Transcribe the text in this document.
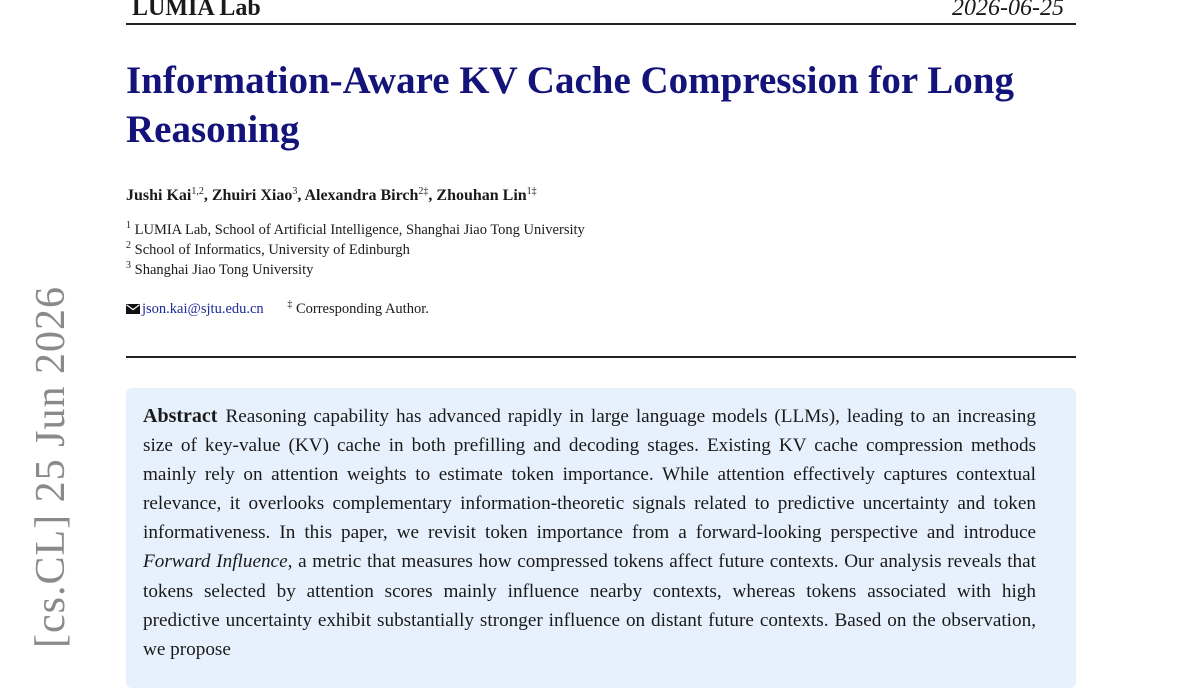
LUMIA Lab	2026-06-25
Information-Aware KV Cache Compression for Long Reasoning
Jushi Kai$^{1,2}$, Zhuiri Xiao$^3$, Alexandra Birch$^{2\ddagger}$, Zhouhan Lin$^{1\ddagger}$
$^1$ LUMIA Lab, School of Artificial Intelligence, Shanghai Jiao Tong University
$^2$ School of Informatics, University of Edinburgh
$^3$ Shanghai Jiao Tong University
json.kai@sjtu.edu.cn ‡ Corresponding Author.

Abstract Reasoning capability has advanced rapidly in large language models (LLMs), leading to an increasing size of key-value (KV) cache in both prefilling and decoding stages. Existing KV cache compression methods mainly rely on attention weights to estimate token importance. While attention effectively captures contextual relevance, it overlooks complementary information-theoretic signals related to predictive uncertainty and token informativeness. In this paper, we revisit token importance from a forward-looking perspective and introduce Forward Influence, a metric that measures how compressed tokens affect future contexts. Our analysis reveals that tokens selected by attention scores mainly influence nearby contexts, whereas tokens associated with high predictive uncertainty exhibit substantially stronger influence on distant future contexts. Based on the observation, we propose

[cs.CL] 25 Jun 2026
